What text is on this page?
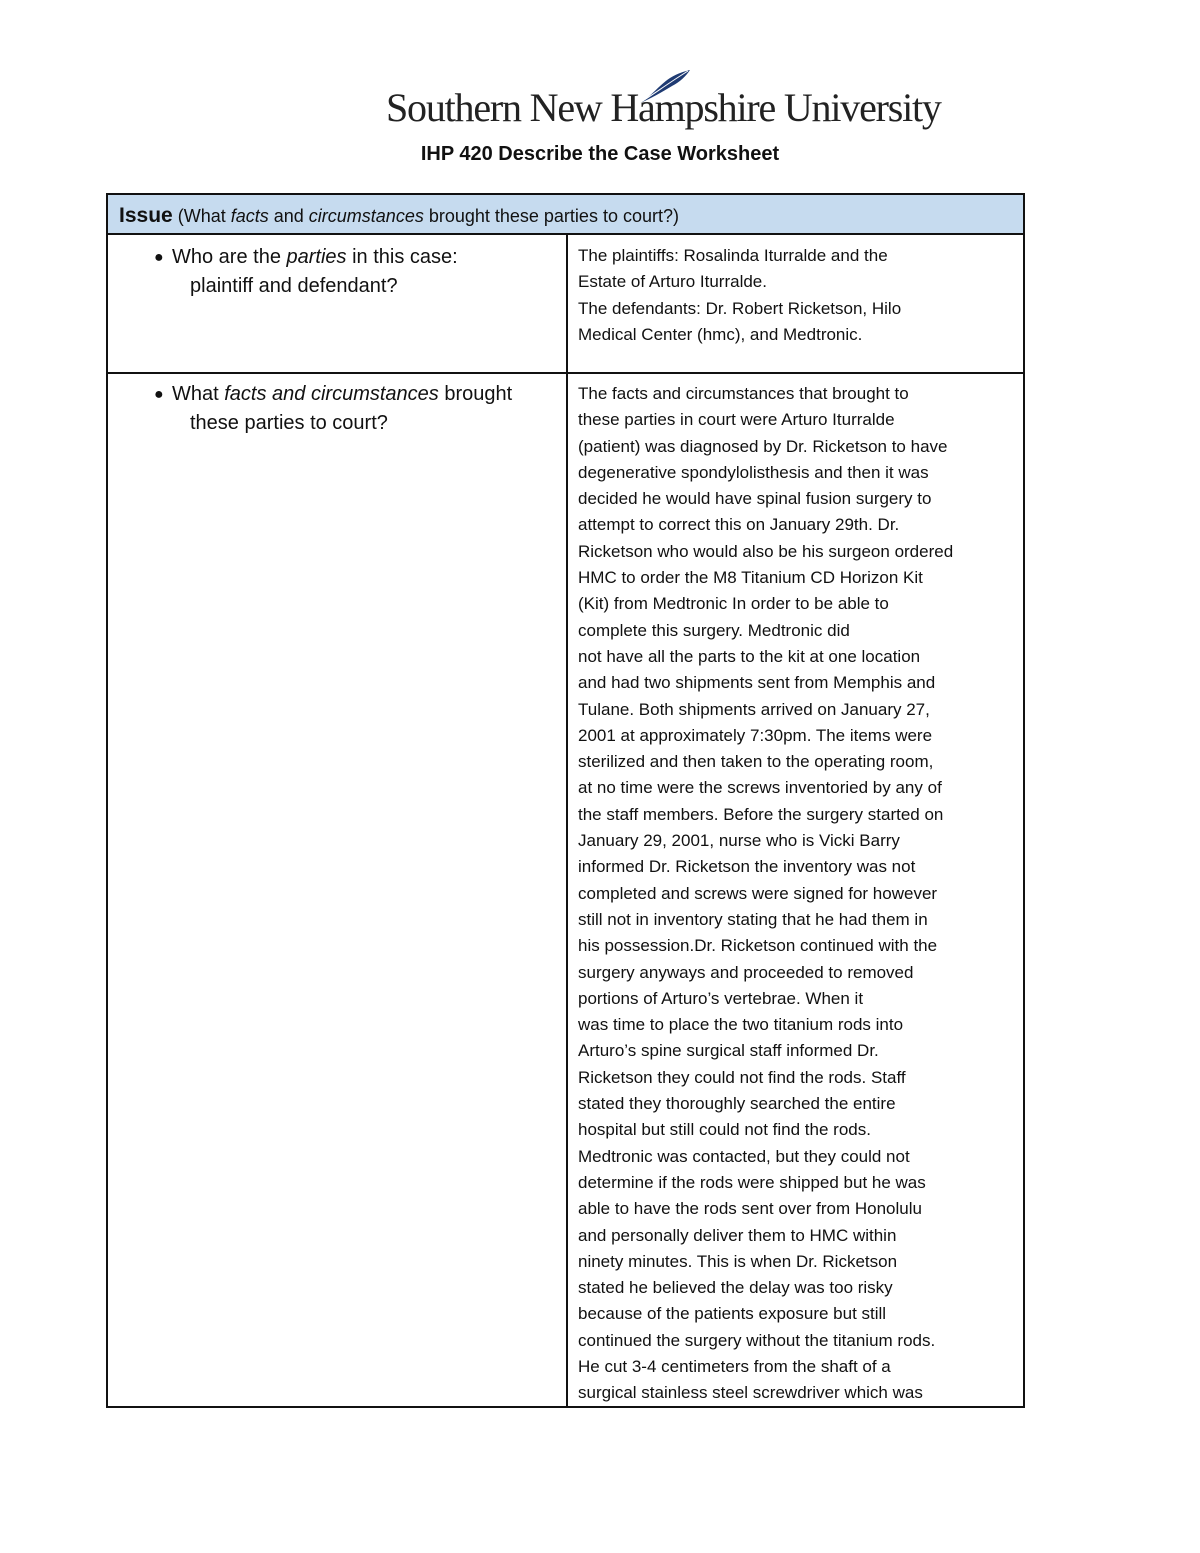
Southern New Hampshire University
IHP 420 Describe the Case Worksheet
Issue (What facts and circumstances brought these parties to court?)
● Who are the parties in this case:
plaintiff and defendant?

The plaintiffs: Rosalinda Iturralde and the

Estate of Arturo Iturralde.

The defendants: Dr. Robert Ricketson, Hilo

Medical Center (hmc), and Medtronic.

● What facts and circumstances brought
these parties to court?

The facts and circumstances that brought to

these parties in court were Arturo Iturralde

(patient) was diagnosed by Dr. Ricketson to have

degenerative spondylolisthesis and then it was

decided he would have spinal fusion surgery to

attempt to correct this on January 29th. Dr.

Ricketson who would also be his surgeon ordered

HMC to order the M8 Titanium CD Horizon Kit

(Kit) from Medtronic In order to be able to

complete this surgery. Medtronic did

not have all the parts to the kit at one location

and had two shipments sent from Memphis and

Tulane. Both shipments arrived on January 27,

2001 at approximately 7:30pm. The items were

sterilized and then taken to the operating room,

at no time were the screws inventoried by any of

the staff members. Before the surgery started on

January 29, 2001, nurse who is Vicki Barry

informed Dr. Ricketson the inventory was not

completed and screws were signed for however

still not in inventory stating that he had them in

his possession.Dr. Ricketson continued with the

surgery anyways and proceeded to removed

portions of Arturo’s vertebrae. When it

was time to place the two titanium rods into

Arturo’s spine surgical staff informed Dr.

Ricketson they could not find the rods. Staff

stated they thoroughly searched the entire

hospital but still could not find the rods.

Medtronic was contacted, but they could not

determine if the rods were shipped but he was

able to have the rods sent over from Honolulu

and personally deliver them to HMC within

ninety minutes. This is when Dr. Ricketson

stated he believed the delay was too risky

because of the patients exposure but still

continued the surgery without the titanium rods.

He cut 3-4 centimeters from the shaft of a

surgical stainless steel screwdriver which was
